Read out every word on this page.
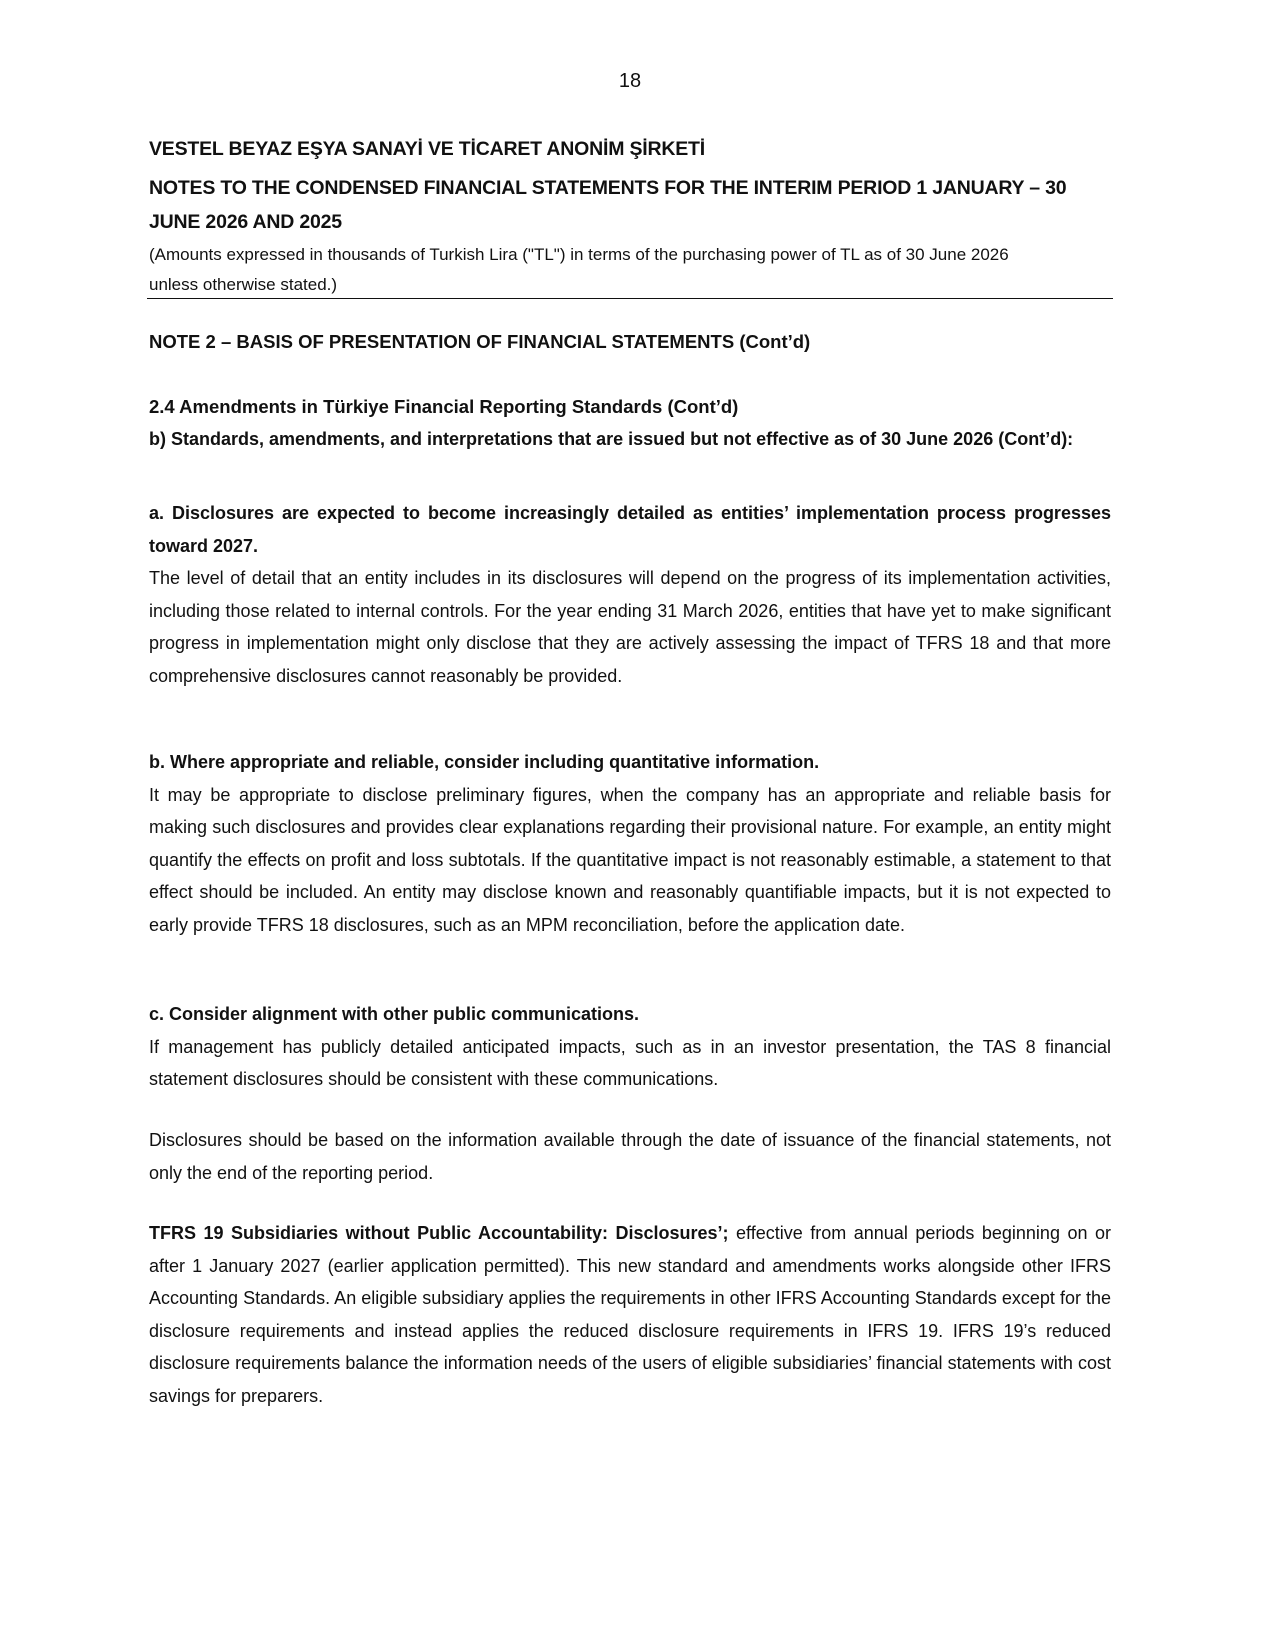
18
VESTEL BEYAZ EŞYA SANAYİ VE TİCARET ANONİM ŞİRKETİ
NOTES TO THE CONDENSED FINANCIAL STATEMENTS FOR THE INTERIM PERIOD 1 JANUARY – 30 JUNE 2026 AND 2025
(Amounts expressed in thousands of Turkish Lira ("TL") in terms of the purchasing power of TL as of 30 June 2026 unless otherwise stated.)
NOTE 2 – BASIS OF PRESENTATION OF FINANCIAL STATEMENTS (Cont’d)
2.4 Amendments in Türkiye Financial Reporting Standards (Cont’d)
b) Standards, amendments, and interpretations that are issued but not effective as of 30 June 2026 (Cont’d):

a. Disclosures are expected to become increasingly detailed as entities’ implementation process progresses toward 2027.

The level of detail that an entity includes in its disclosures will depend on the progress of its implementation activities, including those related to internal controls. For the year ending 31 March 2026, entities that have yet to make significant progress in implementation might only disclose that they are actively assessing the impact of TFRS 18 and that more comprehensive disclosures cannot reasonably be provided.

b. Where appropriate and reliable, consider including quantitative information.

It may be appropriate to disclose preliminary figures, when the company has an appropriate and reliable basis for making such disclosures and provides clear explanations regarding their provisional nature. For example, an entity might quantify the effects on profit and loss subtotals. If the quantitative impact is not reasonably estimable, a statement to that effect should be included. An entity may disclose known and reasonably quantifiable impacts, but it is not expected to early provide TFRS 18 disclosures, such as an MPM reconciliation, before the application date.

c. Consider alignment with other public communications.

If management has publicly detailed anticipated impacts, such as in an investor presentation, the TAS 8 financial statement disclosures should be consistent with these communications.

Disclosures should be based on the information available through the date of issuance of the financial statements, not only the end of the reporting period.
TFRS 19 Subsidiaries without Public Accountability: Disclosures’; effective from annual periods beginning on or after 1 January 2027 (earlier application permitted). This new standard and amendments works alongside other IFRS Accounting Standards. An eligible subsidiary applies the requirements in other IFRS Accounting Standards except for the disclosure requirements and instead applies the reduced disclosure requirements in IFRS 19. IFRS 19’s reduced disclosure requirements balance the information needs of the users of eligible subsidiaries’ financial statements with cost savings for preparers.
